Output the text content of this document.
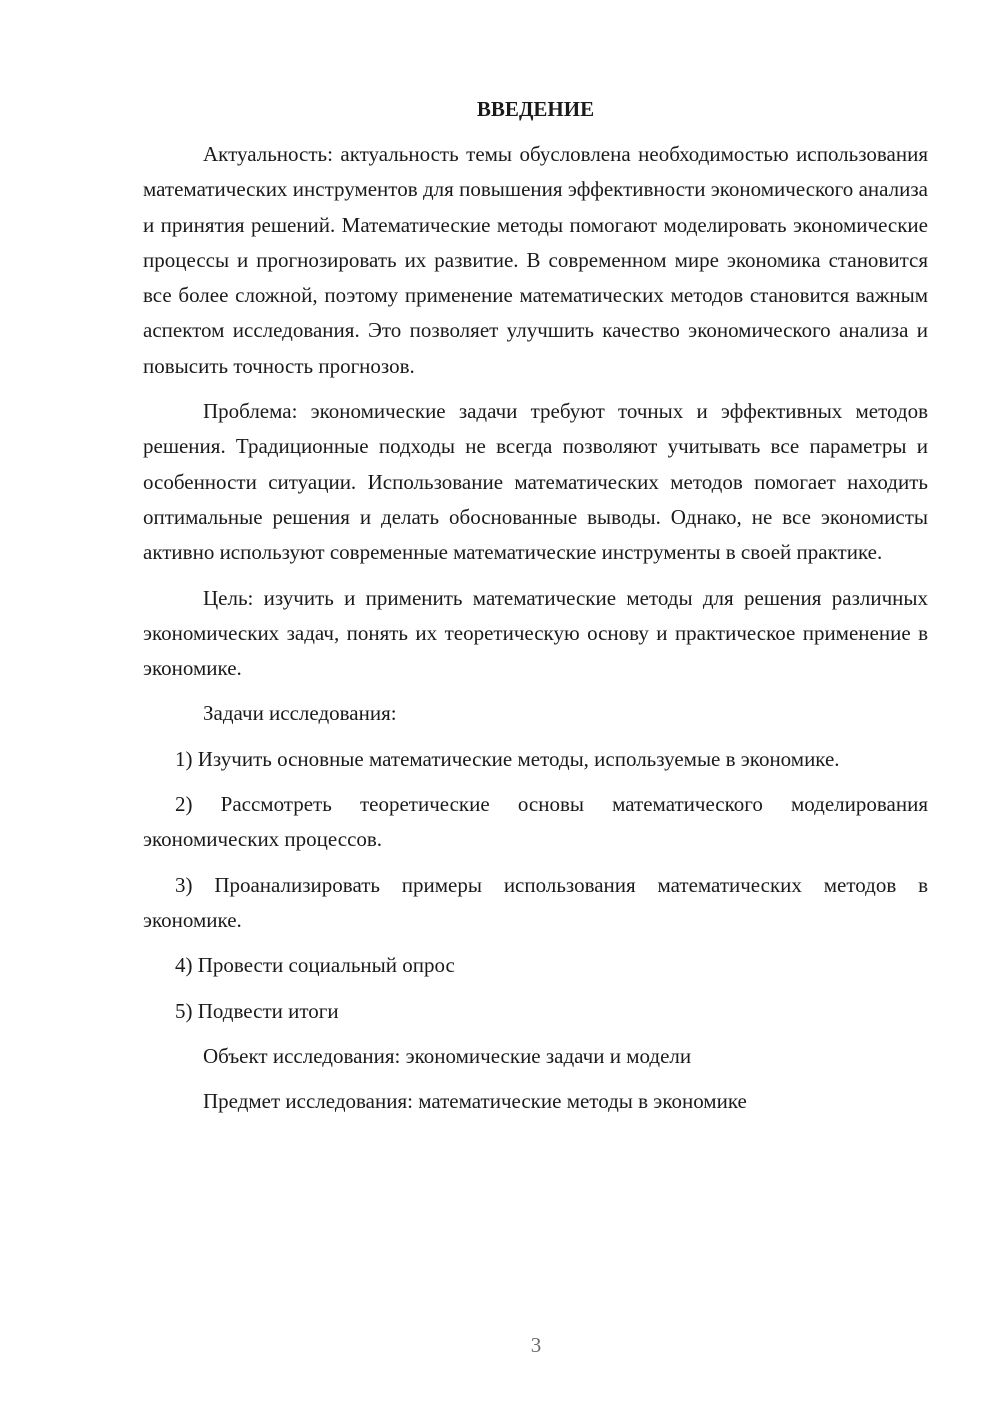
ВВЕДЕНИЕ

Актуальность: актуальность темы обусловлена необходимостью использования математических инструментов для повышения эффективности экономического анализа и принятия решений. Математические методы помогают моделировать экономические процессы и прогнозировать их развитие. В современном мире экономика становится все более сложной, поэтому применение математических методов становится важным аспектом исследования. Это позволяет улучшить качество экономического анализа и повысить точность прогнозов.

Проблема: экономические задачи требуют точных и эффективных методов решения. Традиционные подходы не всегда позволяют учитывать все параметры и особенности ситуации. Использование математических методов помогает находить оптимальные решения и делать обоснованные выводы. Однако, не все экономисты активно используют современные математические инструменты в своей практике.

Цель: изучить и применить математические методы для решения различных экономических задач, понять их теоретическую основу и практическое применение в экономике.

Задачи исследования:

1) Изучить основные математические методы, используемые в экономике.

2) Рассмотреть теоретические основы математического моделирования экономических процессов.

3) Проанализировать примеры использования математических методов в экономике.

4) Провести социальный опрос

5) Подвести итоги

Объект исследования: экономические задачи и модели

Предмет исследования: математические методы в экономике

3
